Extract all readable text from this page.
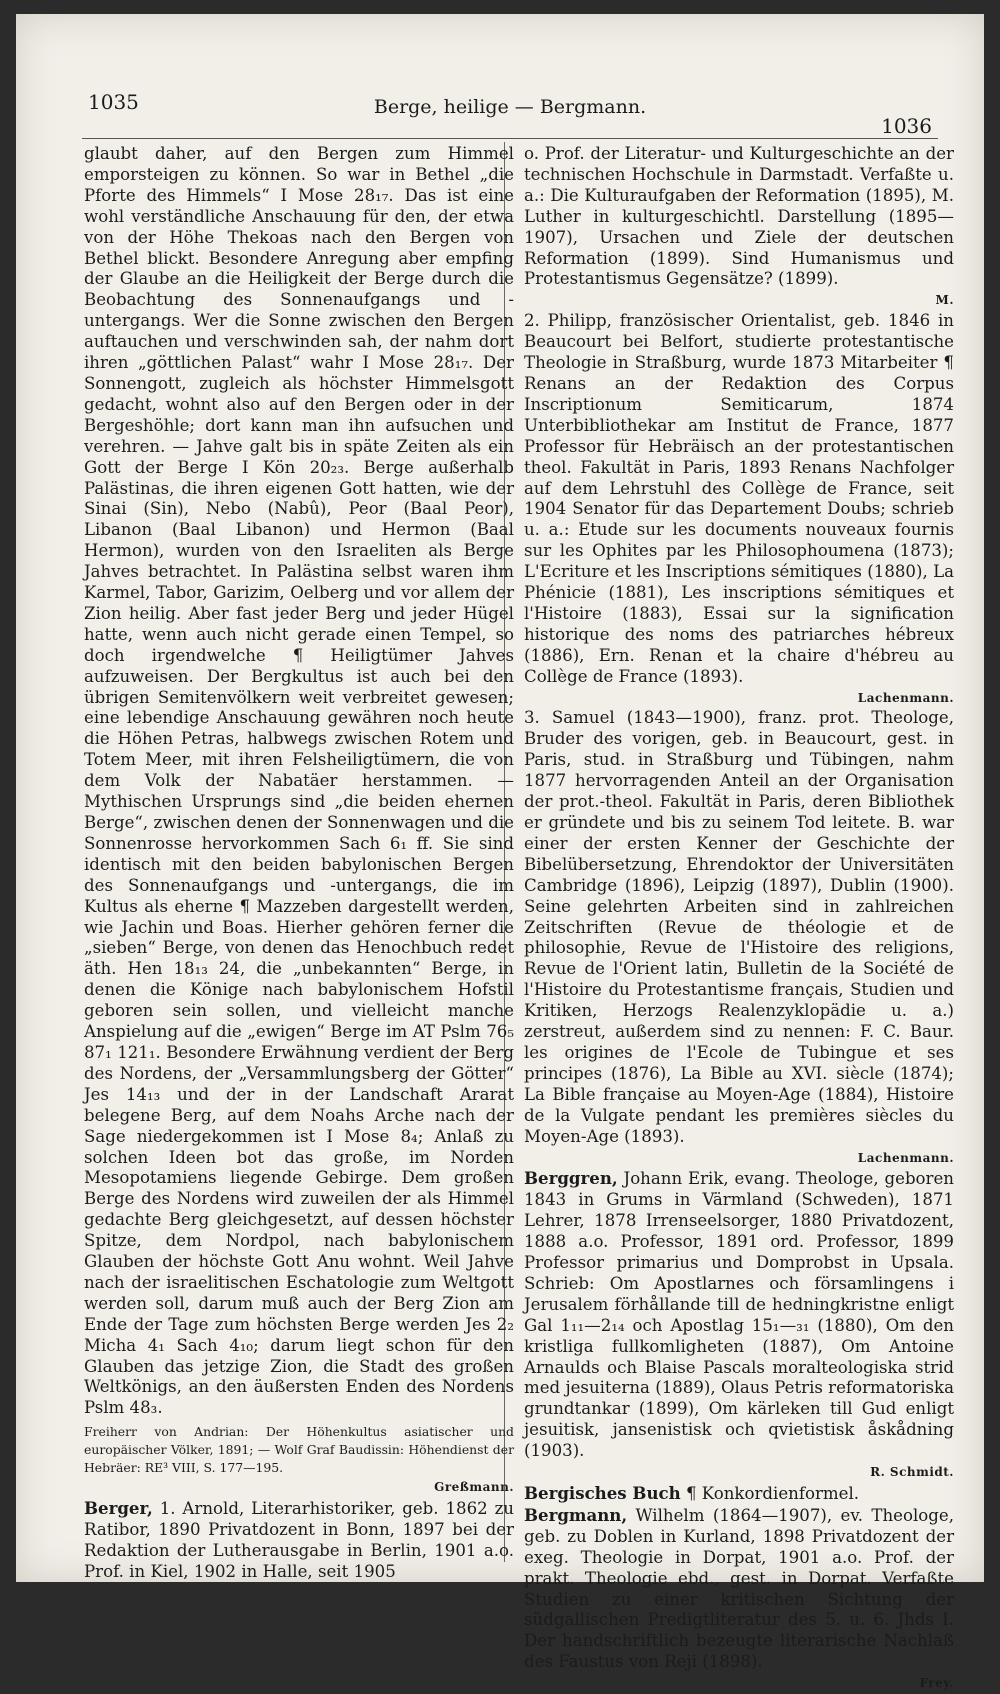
1035	Berge, heilige — Bergmann.
1036

glaubt daher, auf den Bergen zum Himmel emporsteigen zu können. So war in Bethel „die Pforte des Himmels“ I Mose 28₁₇. Das ist eine wohl verständliche Anschauung für den, der etwa von der Höhe Thekoas nach den Bergen von Bethel blickt. Besondere Anregung aber empfing der Glaube an die Heiligkeit der Berge durch die Beobachtung des Sonnenaufgangs und -untergangs. Wer die Sonne zwischen den Bergen auftauchen und verschwinden sah, der nahm dort ihren „göttlichen Palast“ wahr I Mose 28₁₇. Der Sonnengott, zugleich als höchster Himmelsgott gedacht, wohnt also auf den Bergen oder in der Bergeshöhle; dort kann man ihn aufsuchen und verehren. — Jahve galt bis in späte Zeiten als ein Gott der Berge I Kön 20₂₃. Berge außerhalb Palästinas, die ihren eigenen Gott hatten, wie der Sinai (Sin), Nebo (Nabû), Peor (Baal Peor), Libanon (Baal Libanon) und Hermon (Baal Hermon), wurden von den Israeliten als Berge Jahves betrachtet. In Palästina selbst waren ihm Karmel, Tabor, Garizim, Oelberg und vor allem der Zion heilig. Aber fast jeder Berg und jeder Hügel hatte, wenn auch nicht gerade einen Tempel, so doch irgendwelche ¶ Heiligtümer Jahves aufzuweisen. Der Bergkultus ist auch bei den übrigen Semitenvölkern weit verbreitet gewesen; eine lebendige Anschauung gewähren noch heute die Höhen Petras, halbwegs zwischen Rotem und Totem Meer, mit ihren Felsheiligtümern, die von dem Volk der Nabatäer herstammen. — Mythischen Ursprungs sind „die beiden ehernen Berge“, zwischen denen der Sonnenwagen und die Sonnenrosse hervorkommen Sach 6₁ ff. Sie sind identisch mit den beiden babylonischen Bergen des Sonnenaufgangs und -untergangs, die im Kultus als eherne ¶ Mazzeben dargestellt werden, wie Jachin und Boas. Hierher gehören ferner die „sieben“ Berge, von denen das Henochbuch redet äth. Hen 18₁₃ 24, die „unbekannten“ Berge, in denen die Könige nach babylonischem Hofstil geboren sein sollen, und vielleicht manche Anspielung auf die „ewigen“ Berge im AT Pslm 76₅ 87₁ 121₁. Besondere Erwähnung verdient der Berg des Nordens, der „Versammlungsberg der Götter“ Jes 14₁₃ und der in der Landschaft Ararat belegene Berg, auf dem Noahs Arche nach der Sage niedergekommen ist I Mose 8₄; Anlaß zu solchen Ideen bot das große, im Norden Mesopotamiens liegende Gebirge. Dem großen Berge des Nordens wird zuweilen der als Himmel gedachte Berg gleichgesetzt, auf dessen höchster Spitze, dem Nordpol, nach babylonischem Glauben der höchste Gott Anu wohnt. Weil Jahve nach der israelitischen Eschatologie zum Weltgott werden soll, darum muß auch der Berg Zion am Ende der Tage zum höchsten Berge werden Jes 2₂ Micha 4₁ Sach 4₁₀; darum liegt schon für den Glauben das jetzige Zion, die Stadt des großen Weltkönigs, an den äußersten Enden des Nordens Pslm 48₃.

Freiherr von Andrian: Der Höhenkultus asiatischer und europäischer Völker, 1891; — Wolf Graf Baudissin: Höhendienst der Hebräer: RE³ VIII, S. 177—195.

Greßmann.

Berger, 1. Arnold, Literarhistoriker, geb. 1862 zu Ratibor, 1890 Privatdozent in Bonn, 1897 bei der Redaktion der Lutherausgabe in Berlin, 1901 a.o. Prof. in Kiel, 1902 in Halle, seit 1905

o. Prof. der Literatur- und Kulturgeschichte an der technischen Hochschule in Darmstadt. Verfaßte u. a.: Die Kulturaufgaben der Reformation (1895), M. Luther in kulturgeschichtl. Darstellung (1895—1907), Ursachen und Ziele der deutschen Reformation (1899). Sind Humanismus und Protestantismus Gegensätze? (1899).

M.

2. Philipp, französischer Orientalist, geb. 1846 in Beaucourt bei Belfort, studierte protestantische Theologie in Straßburg, wurde 1873 Mitarbeiter ¶ Renans an der Redaktion des Corpus Inscriptionum Semiticarum, 1874 Unterbibliothekar am Institut de France, 1877 Professor für Hebräisch an der protestantischen theol. Fakultät in Paris, 1893 Renans Nachfolger auf dem Lehrstuhl des Collège de France, seit 1904 Senator für das Departement Doubs; schrieb u. a.: Etude sur les documents nouveaux fournis sur les Ophites par les Philosophoumena (1873); L'Ecriture et les Inscriptions sémitiques (1880), La Phénicie (1881), Les inscriptions sémitiques et l'Histoire (1883), Essai sur la signification historique des noms des patriarches hébreux (1886), Ern. Renan et la chaire d'hébreu au Collège de France (1893).

Lachenmann.

3. Samuel (1843—1900), franz. prot. Theologe, Bruder des vorigen, geb. in Beaucourt, gest. in Paris, stud. in Straßburg und Tübingen, nahm 1877 hervorragenden Anteil an der Organisation der prot.-theol. Fakultät in Paris, deren Bibliothek er gründete und bis zu seinem Tod leitete. B. war einer der ersten Kenner der Geschichte der Bibelübersetzung, Ehrendoktor der Universitäten Cambridge (1896), Leipzig (1897), Dublin (1900). Seine gelehrten Arbeiten sind in zahlreichen Zeitschriften (Revue de théologie et de philosophie, Revue de l'Histoire des religions, Revue de l'Orient latin, Bulletin de la Société de l'Histoire du Protestantisme français, Studien und Kritiken, Herzogs Realenzyklopädie u. a.) zerstreut, außerdem sind zu nennen: F. C. Baur. les origines de l'Ecole de Tubingue et ses principes (1876), La Bible au XVI. siècle (1874); La Bible française au Moyen-Age (1884), Histoire de la Vulgate pendant les premières siècles du Moyen-Age (1893).

Lachenmann.

Berggren, Johann Erik, evang. Theologe, geboren 1843 in Grums in Värmland (Schweden), 1871 Lehrer, 1878 Irrenseelsorger, 1880 Privatdozent, 1888 a.o. Professor, 1891 ord. Professor, 1899 Professor primarius und Domprobst in Upsala. Schrieb: Om Apostlarnes och församlingens i Jerusalem förhållande till de hedningkristne enligt Gal 1₁₁—2₁₄ och Apostlag 15₁—₃₁ (1880), Om den kristliga fullkomligheten (1887), Om Antoine Arnaulds och Blaise Pascals moralteologiska strid med jesuiterna (1889), Olaus Petris reformatoriska grundtankar (1899), Om kärleken till Gud enligt jesuitisk, jansenistisk och qvietistisk åskådning (1903).

R. Schmidt.

Bergisches Buch ¶ Konkordienformel.

Bergmann, Wilhelm (1864—1907), ev. Theologe, geb. zu Doblen in Kurland, 1898 Privatdozent der exeg. Theologie in Dorpat, 1901 a.o. Prof. der prakt. Theologie ebd., gest. in Dorpat. Verfaßte Studien zu einer kritischen Sichtung der südgallischen Predigtliteratur des 5. u. 6. Jhds I. Der handschriftlich bezeugte literarische Nachlaß des Faustus von Reji (1898).

Frey.
